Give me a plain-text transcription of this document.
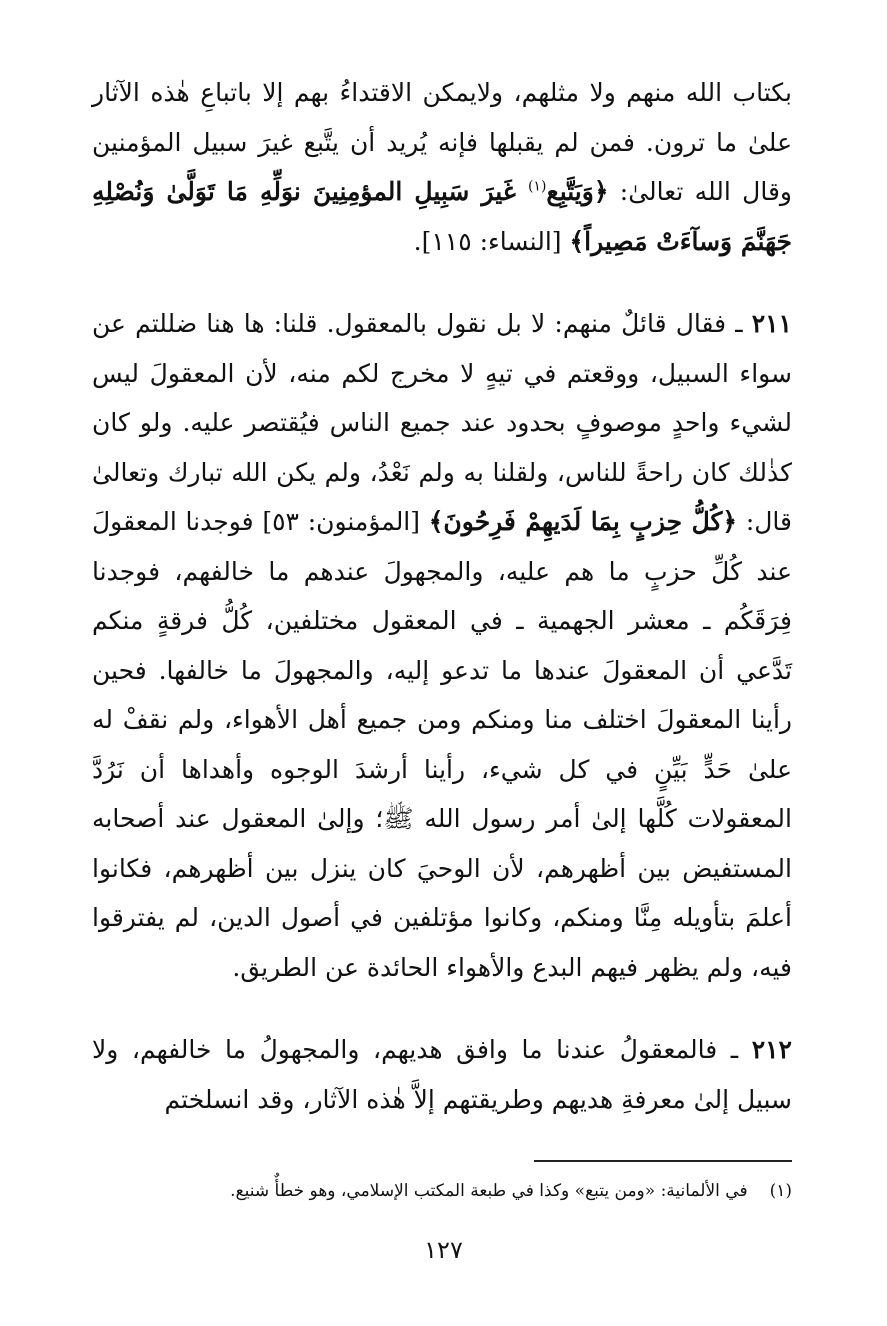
بكتاب الله منهم ولا مثلهم، ولايمكن الاقتداءُ بهم إلا باتباعِ هٰذه الآثار علىٰ ما ترون. فمن لم يقبلها فإنه يُريد أن يتَّبع غيرَ سبيل المؤمنين وقال الله تعالىٰ: ﴿وَيَتَّبِع$^{(١)}$ غَيرَ سَبِيلِ المؤمِنِينَ نوَلِّهِ مَا تَوَلَّىٰ وَنُصْلِهِ جَهَنَّمَ وَسآءَتْ مَصِيراً﴾ [النساء: ١١٥].

٢١١ ـ فقال قائلٌ منهم: لا بل نقول بالمعقول. قلنا: ها هنا ضللتم عن سواء السبيل، ووقعتم في تيهٍ لا مخرج لكم منه، لأن المعقولَ ليس لشيء واحدٍ موصوفٍ بحدود عند جميع الناس فيُقتصر عليه. ولو كان كذٰلك كان راحةً للناس، ولقلنا به ولم نَعْدُ، ولم يكن الله تبارك وتعالىٰ قال: ﴿كُلُّ حِزبٍ بِمَا لَدَيهِمْ فَرِحُونَ﴾ [المؤمنون: ٥٣] فوجدنا المعقولَ عند كُلِّ حزبٍ ما هم عليه، والمجهولَ عندهم ما خالفهم، فوجدنا فِرَقَكُم ـ معشر الجهمية ـ في المعقول مختلفين، كُلُّ فرقةٍ منكم تَدَّعي أن المعقولَ عندها ما تدعو إليه، والمجهولَ ما خالفها. فحين رأينا المعقولَ اختلف منا ومنكم ومن جميع أهل الأهواء، ولم نقفْ له علىٰ حَدٍّ بَيِّنٍ في كل شيء، رأينا أرشدَ الوجوه وأهداها أن نَرُدَّ المعقولات كُلَّها إلىٰ أمر رسول الله ﷺ؛ وإلىٰ المعقول عند أصحابه المستفيض بين أظهرهم، لأن الوحيَ كان ينزل بين أظهرهم، فكانوا أعلمَ بتأويله مِنَّا ومنكم، وكانوا مؤتلفين في أصول الدين، لم يفترقوا فيه، ولم يظهر فيهم البدع والأهواء الحائدة عن الطريق.

٢١٢ ـ فالمعقولُ عندنا ما وافق هديهم، والمجهولُ ما خالفهم، ولا سبيل إلىٰ معرفةِ هديهم وطريقتهم إلاَّ هٰذه الآثار، وقد انسلختم

(١)في الألمانية: «ومن يتبع» وكذا في طبعة المكتب الإسلامي، وهو خطأٌ شنيع.

١٢٧
